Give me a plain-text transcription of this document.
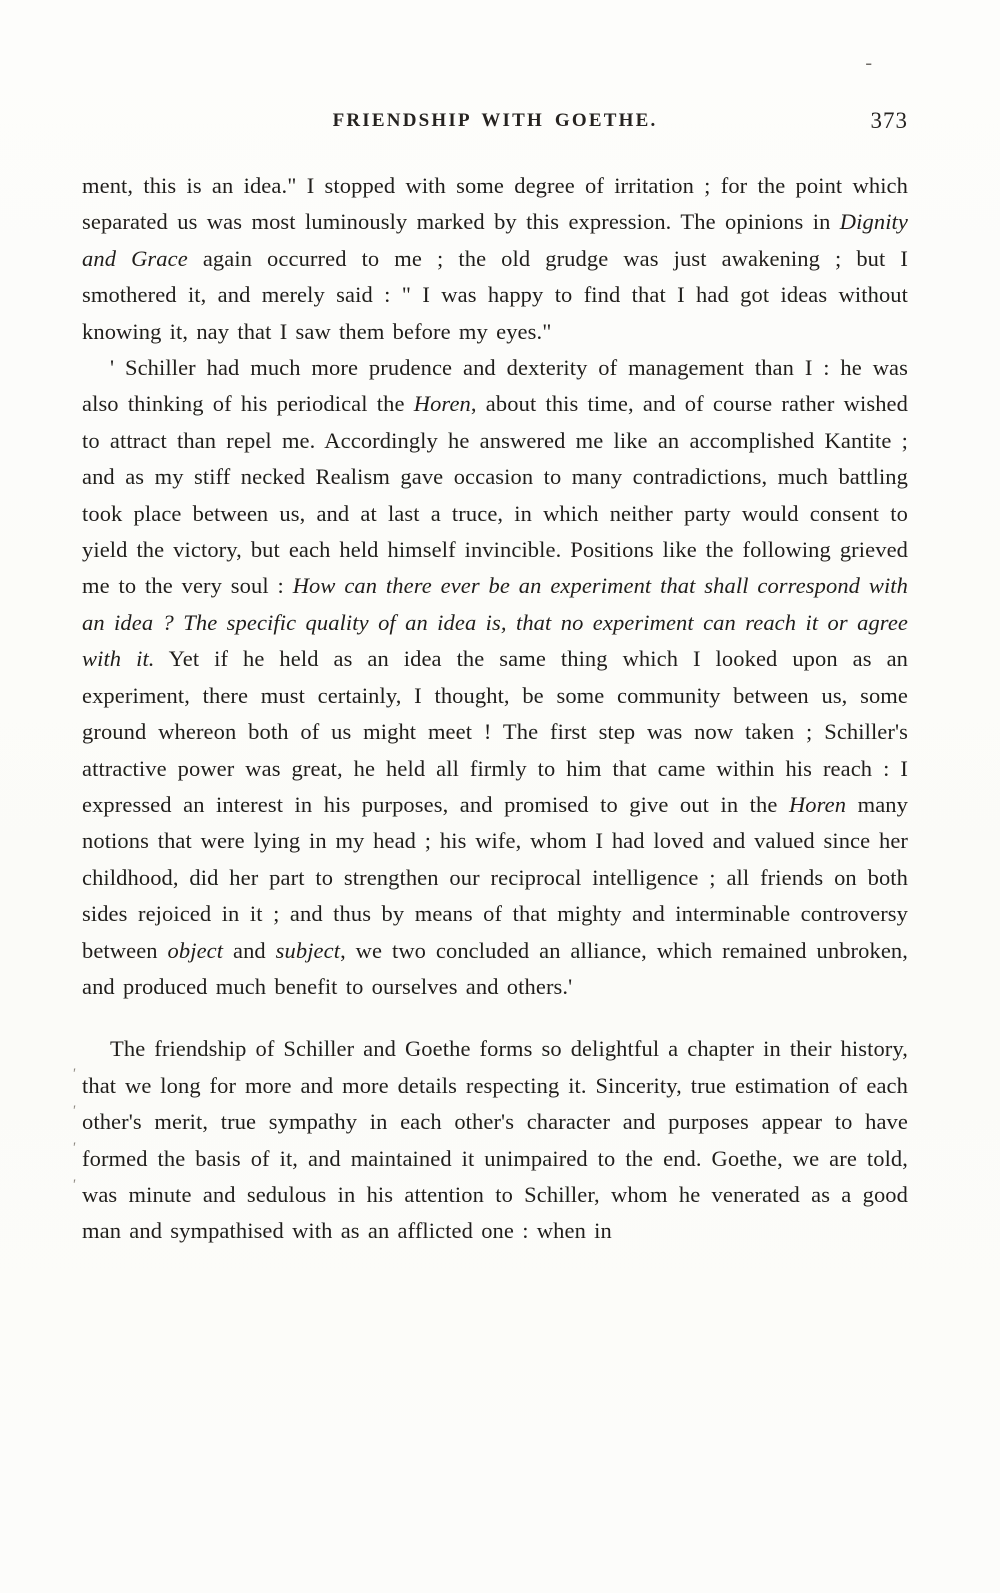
-
FRIENDSHIP WITH GOETHE.	373

ment, this is an idea." I stopped with some degree of irritation ; for the point which separated us was most luminously marked by this expression. The opinions in Dignity and Grace again occurred to me ; the old grudge was just awakening ; but I smothered it, and merely said : " I was happy to find that I had got ideas without knowing it, nay that I saw them before my eyes."

' Schiller had much more prudence and dexterity of management than I : he was also thinking of his periodical the Horen, about this time, and of course rather wished to attract than repel me. Accordingly he answered me like an accomplished Kantite ; and as my stiff necked Realism gave occasion to many contradictions, much battling took place between us, and at last a truce, in which neither party would consent to yield the victory, but each held himself invincible. Positions like the following grieved me to the very soul : How can there ever be an experiment that shall correspond with an idea ? The specific quality of an idea is, that no experiment can reach it or agree with it. Yet if he held as an idea the same thing which I looked upon as an experiment, there must certainly, I thought, be some community between us, some ground whereon both of us might meet ! The first step was now taken ; Schiller's attractive power was great, he held all firmly to him that came within his reach : I expressed an interest in his purposes, and promised to give out in the Horen many notions that were lying in my head ; his wife, whom I had loved and valued since her childhood, did her part to strengthen our reciprocal intelligence ; all friends on both sides rejoiced in it ; and thus by means of that mighty and interminable controversy between object and subject, we two concluded an alliance, which remained unbroken, and produced much benefit to ourselves and others.'

The friendship of Schiller and Goethe forms so delightful a chapter in their history, that we long for more and more details respecting it. Sincerity, true estimation of each other's merit, true sympathy in each other's character and purposes appear to have formed the basis of it, and maintained it unimpaired to the end. Goethe, we are told, was minute and sedulous in his attention to Schiller, whom he venerated as a good man and sympathised with as an afflicted one : when in

'
'
'
'
